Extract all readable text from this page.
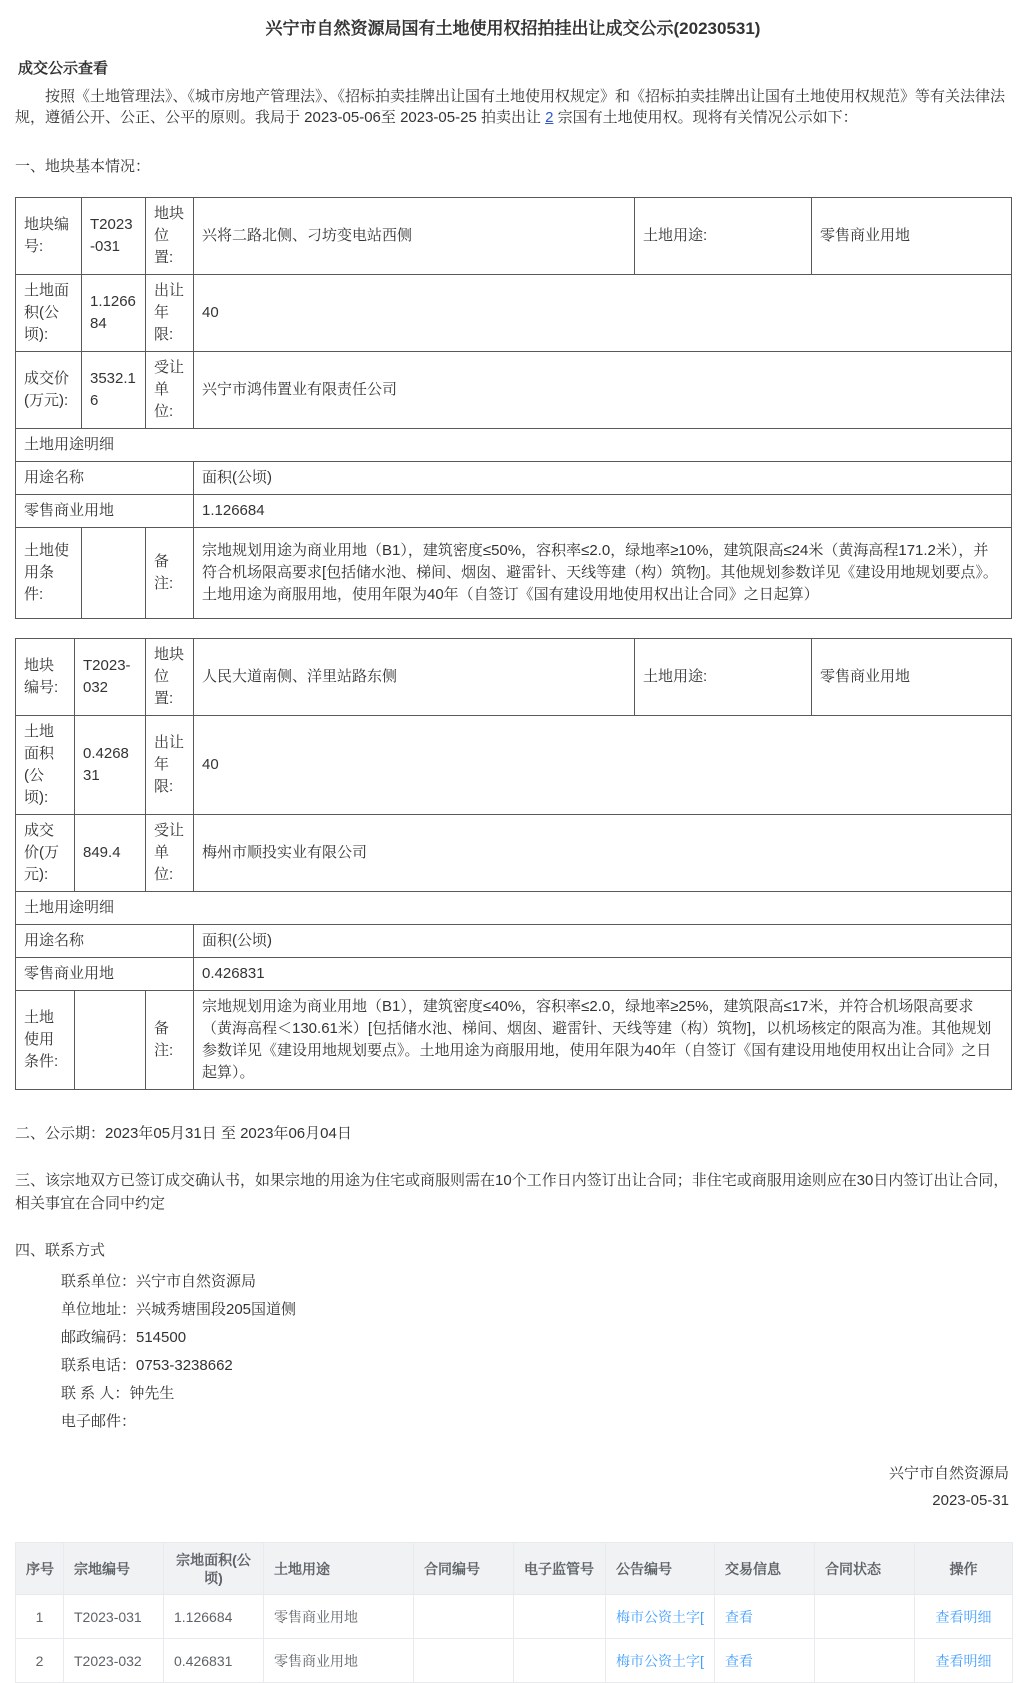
兴宁市自然资源局国有土地使用权招拍挂出让成交公示(20230531)
成交公示查看

按照《土地管理法》、《城市房地产管理法》、《招标拍卖挂牌出让国有土地使用权规定》和《招标拍卖挂牌出让国有土地使用权规范》等有关法律法规，遵循公开、公正、公平的原则。我局于 2023-05-06至 2023-05-25 拍卖出让 2 宗国有土地使用权。现将有关情况公示如下：

一、地块基本情况：
地块编号:	T2023-031	地块位置:	兴将二路北侧、刁坊变电站西侧	土地用途:	零售商业用地
土地面积(公顷):	1.126684	出让年限:	40		
成交价(万元):	3532.16	受让单位:	兴宁市鸿伟置业有限责任公司		
土地用途明细					
用途名称			面积(公顷)		
零售商业用地			1.126684		
土地使用条件:		备注:	宗地规划用途为商业用地（B1），建筑密度≤50%，容积率≤2.0，绿地率≥10%，建筑限高≤24米（黄海高程171.2米），并符合机场限高要求[包括储水池、梯间、烟囱、避雷针、天线等建（构）筑物]。其他规划参数详见《建设用地规划要点》。土地用途为商服用地，使用年限为40年（自签订《国有建设用地使用权出让合同》之日起算）		
地块编号:	T2023-032	地块位置:	人民大道南侧、洋里站路东侧	土地用途:	零售商业用地
土地面积(公顷):	0.426831	出让年限:	40		
成交价(万元):	849.4	受让单位:	梅州市顺投实业有限公司		
土地用途明细					
用途名称			面积(公顷)		
零售商业用地			0.426831		
土地使用条件:		备注:	宗地规划用途为商业用地（B1），建筑密度≤40%，容积率≤2.0，绿地率≥25%，建筑限高≤17米，并符合机场限高要求（黄海高程＜130.61米）[包括储水池、梯间、烟囱、避雷针、天线等建（构）筑物]，以机场核定的限高为准。其他规划参数详见《建设用地规划要点》。土地用途为商服用地，使用年限为40年（自签订《国有建设用地使用权出让合同》之日起算）。		
二、公示期：2023年05月31日 至 2023年06月04日
三、该宗地双方已签订成交确认书，如果宗地的用途为住宅或商服则需在10个工作日内签订出让合同；非住宅或商服用途则应在30日内签订出让合同，相关事宜在合同中约定
四、联系方式
联系单位：兴宁市自然资源局
单位地址：兴城秀塘围段205国道侧
邮政编码：514500
联系电话：0753-3238662
联 系 人：钟先生
电子邮件：
兴宁市自然资源局
2023-05-31
序号	宗地编号	宗地面积(公顷)	土地用途	合同编号	电子监管号	公告编号	交易信息	合同状态	操作
1	T2023-031	1.126684	零售商业用地			梅市公资土字[	查看		查看明细
2	T2023-032	0.426831	零售商业用地			梅市公资土字[	查看		查看明细
